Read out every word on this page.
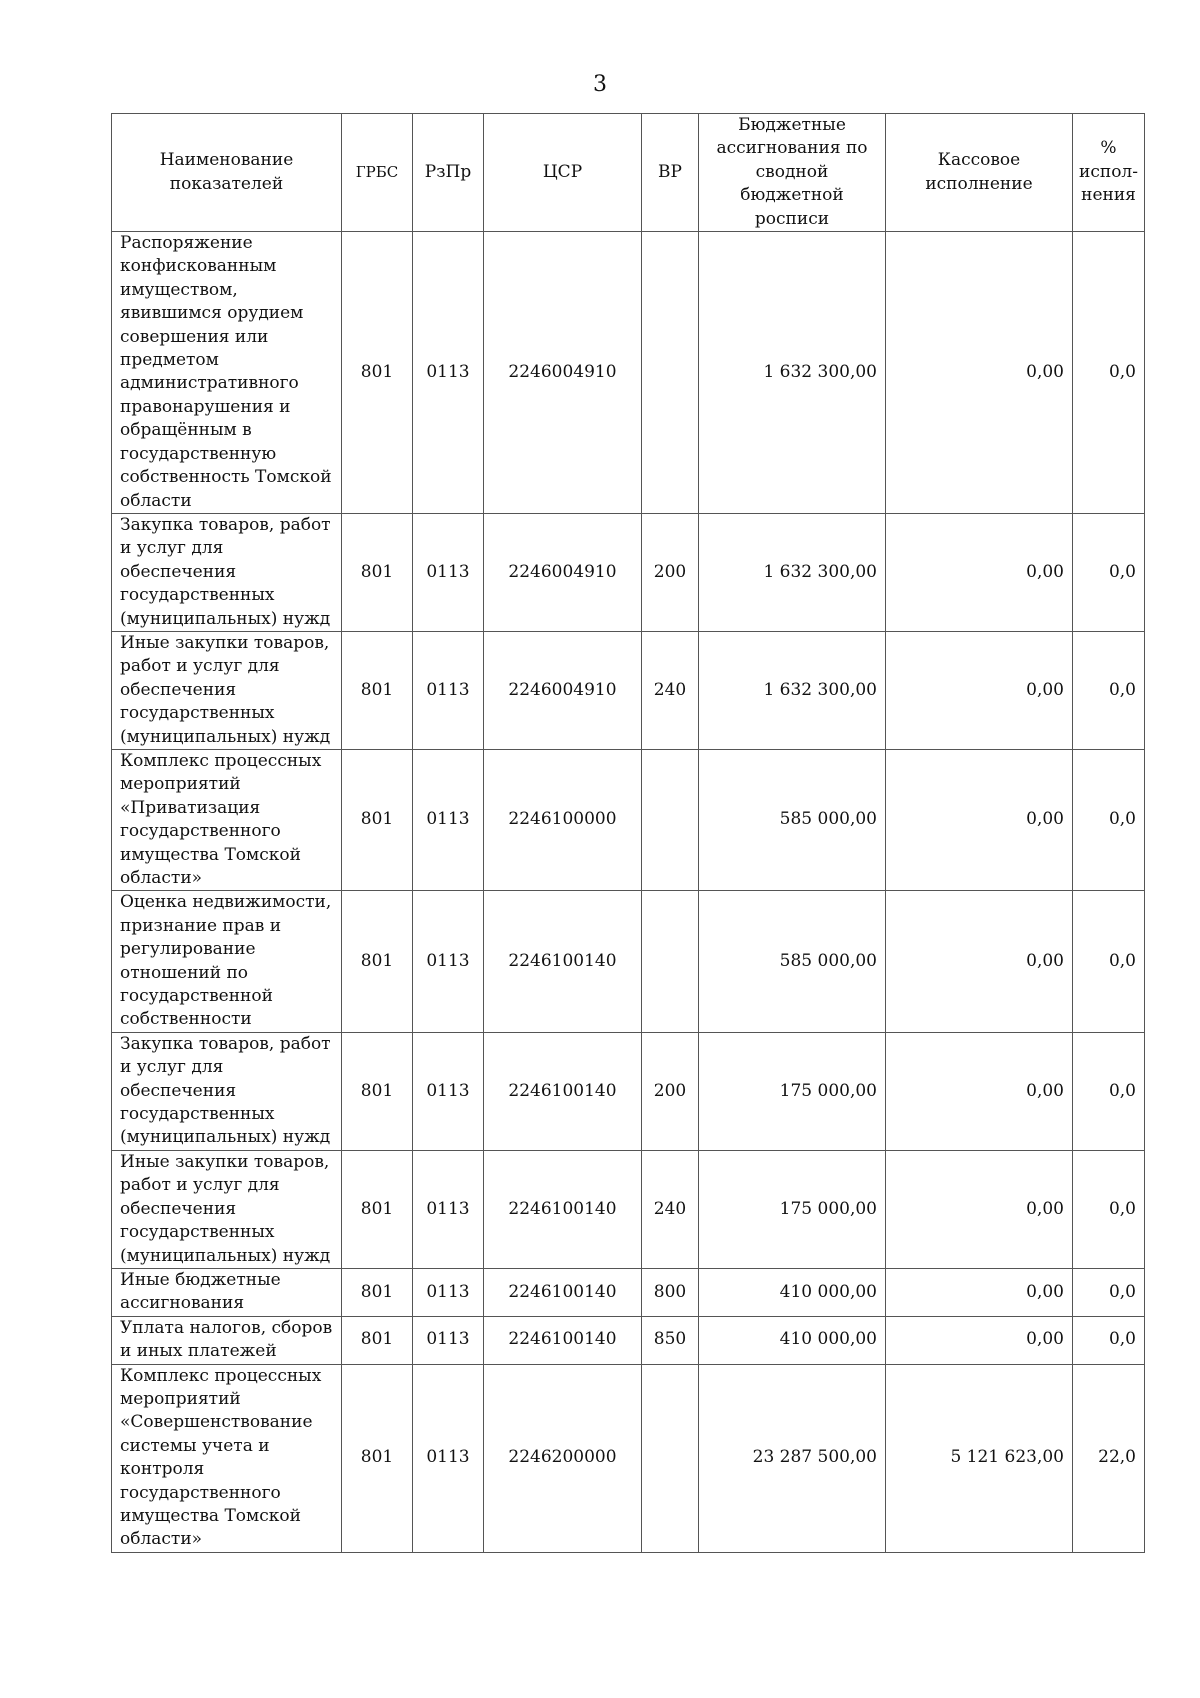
3
Наименование показателей	ГРБС	РзПр	ЦСР	ВР	Бюджетные ассигнования по сводной бюджетной росписи	Кассовое исполнение	% испол-нения
Распоряжение конфискованным имуществом, явившимся орудием совершения или предметом административного правонарушения и обращённым в государственную собственность Томской области	801	0113	2246004910		1 632 300,00	0,00	0,0
Закупка товаров, работ и услуг для обеспечения государственных (муниципальных) нужд	801	0113	2246004910	200	1 632 300,00	0,00	0,0
Иные закупки товаров, работ и услуг для обеспечения государственных (муниципальных) нужд	801	0113	2246004910	240	1 632 300,00	0,00	0,0
Комплекс процессных мероприятий «Приватизация государственного имущества Томской области»	801	0113	2246100000		585 000,00	0,00	0,0
Оценка недвижимости, признание прав и регулирование отношений по государственной собственности	801	0113	2246100140		585 000,00	0,00	0,0
Закупка товаров, работ и услуг для обеспечения государственных (муниципальных) нужд	801	0113	2246100140	200	175 000,00	0,00	0,0
Иные закупки товаров, работ и услуг для обеспечения государственных (муниципальных) нужд	801	0113	2246100140	240	175 000,00	0,00	0,0
Иные бюджетные ассигнования	801	0113	2246100140	800	410 000,00	0,00	0,0
Уплата налогов, сборов и иных платежей	801	0113	2246100140	850	410 000,00	0,00	0,0
Комплекс процессных мероприятий «Совершенствование системы учета и контроля государственного имущества Томской области»	801	0113	2246200000		23 287 500,00	5 121 623,00	22,0
